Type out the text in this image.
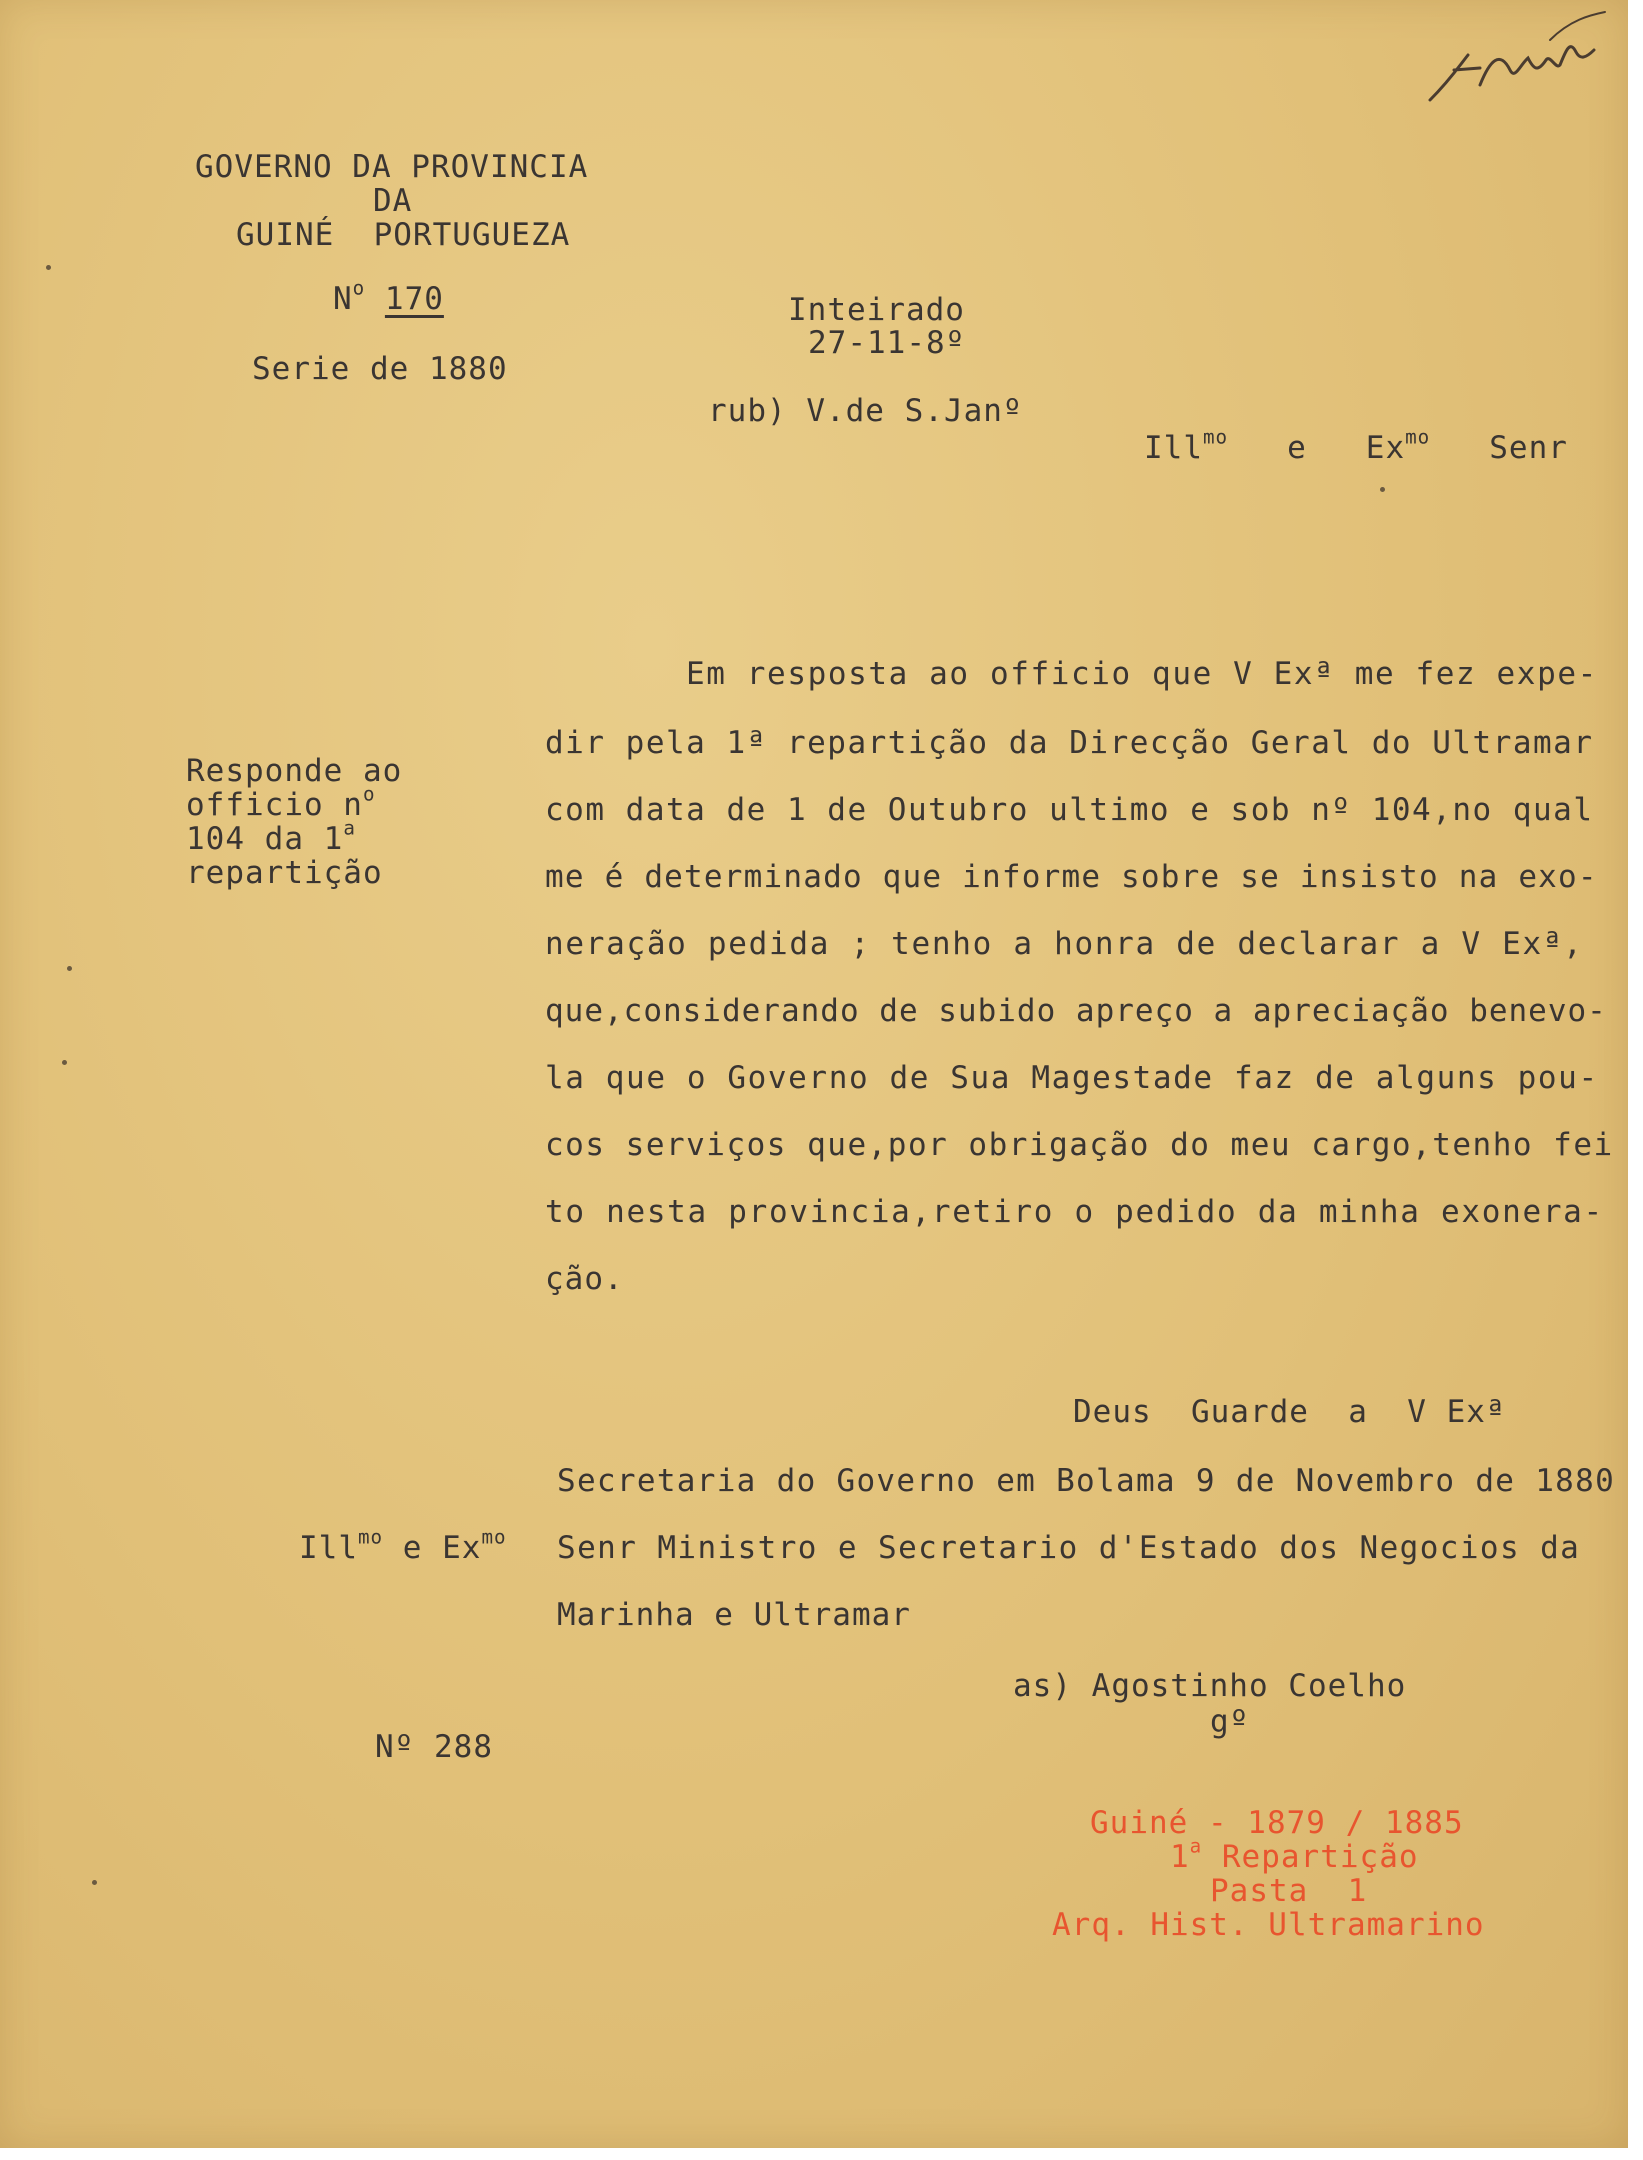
GOVERNO DA PROVINCIA
DA
GUINÉ  PORTUGUEZA
$N^o$ 170
Serie de 1880
Inteirado
27-11-8º
rub) V.de S.Janº
Ill$^{mo}$ e $Ex^{mo}$ Senr
Responde ao
officio $n^o$
104 da 1$^a$
repartição
Em resposta ao officio que V Exª me fez expe-
dir pela 1ª repartição da Direcção Geral do Ultramar
com data de 1 de Outubro ultimo e sob nº 104,no qual
me é determinado que informe sobre se insisto na exo-
neração pedida ; tenho a honra de declarar a V Exª,
que,considerando de subido apreço a apreciação benevo-
la que o Governo de Sua Magestade faz de alguns pou-
cos serviços que,por obrigação do meu cargo,tenho fei
to nesta provincia,retiro o pedido da minha exonera-
ção.
Deus  Guarde  a  V Exª
Secretaria do Governo em Bolama 9 de Novembro de 1880
Ill$^{mo}$ e $Ex^{mo}$ Senr Ministro e Secretario d'Estado dos Negocios da
Marinha e Ultramar
as) Agostinho Coelho
gº
Nº 288
Guiné - 1879 / 1885
1$^a$ Repartição
Pasta  1
Arq. Hist. Ultramarino
